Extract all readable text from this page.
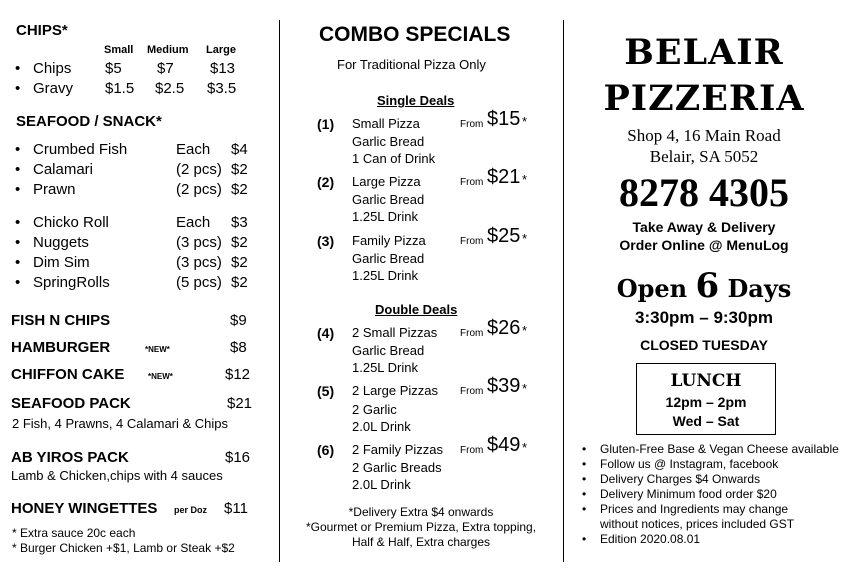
CHIPS*
Small Medium Large
• Chips $5 $7 $13
• Gravy $1.5 $2.5 $3.5
SEAFOOD / SNACK*
• Crumbed Fish	Each $4
• Calamari	(2 pcs) $2
• Prawn	(2 pcs) $2
• Chicko Roll	Each $3
• Nuggets	(3 pcs) $2
• Dim Sim	(3 pcs) $2
• SpringRolls	(5 pcs) $2
FISH N CHIPS	$9
HAMBURGER	*NEW*	$8
CHIFFON CAKE	*NEW*	$12
SEAFOOD PACK	$21
2 Fish, 4 Prawns, 4 Calamari & Chips
AB YIROS PACK	$16
Lamb & Chicken,chips with 4 sauces
HONEY WINGETTES per Doz $11
* Extra sauce 20c each
* Burger Chicken +$1, Lamb or Steak +$2
COMBO SPECIALS
For Traditional Pizza Only
Single Deals
(1) Small Pizza
Garlic Bread
1 Can of Drink
From $15 *
(2) Large Pizza
Garlic Bread
1.25L Drink
From $21 *
(3) Family Pizza
Garlic Bread
1.25L Drink
From $25 *
Double Deals
(4) 2 Small Pizzas
Garlic Bread
1.25L Drink
From $26 *
(5) 2 Large Pizzas
2 Garlic
2.0L Drink
From $39 *
(6) 2 Family Pizzas
2 Garlic Breads
2.0L Drink
From $49 *
*Delivery Extra $4 onwards
*Gourmet or Premium Pizza, Extra topping,
Half & Half, Extra charges
BELAIR
PIZZERIA
Shop 4, 16 Main Road
Belair, SA 5052
8278 4305
Take Away & Delivery
Order Online @ MenuLog
Open 6 Days
3:30pm – 9:30pm
CLOSED TUESDAY
LUNCH
12pm – 2pm
Wed – Sat
• Gluten-Free Base & Vegan Cheese available
• Follow us @ Instagram, facebook
• Delivery Charges $4 Onwards
• Delivery Minimum food order $20
• Prices and Ingredients may change
without notices, prices included GST
• Edition 2020.08.01
